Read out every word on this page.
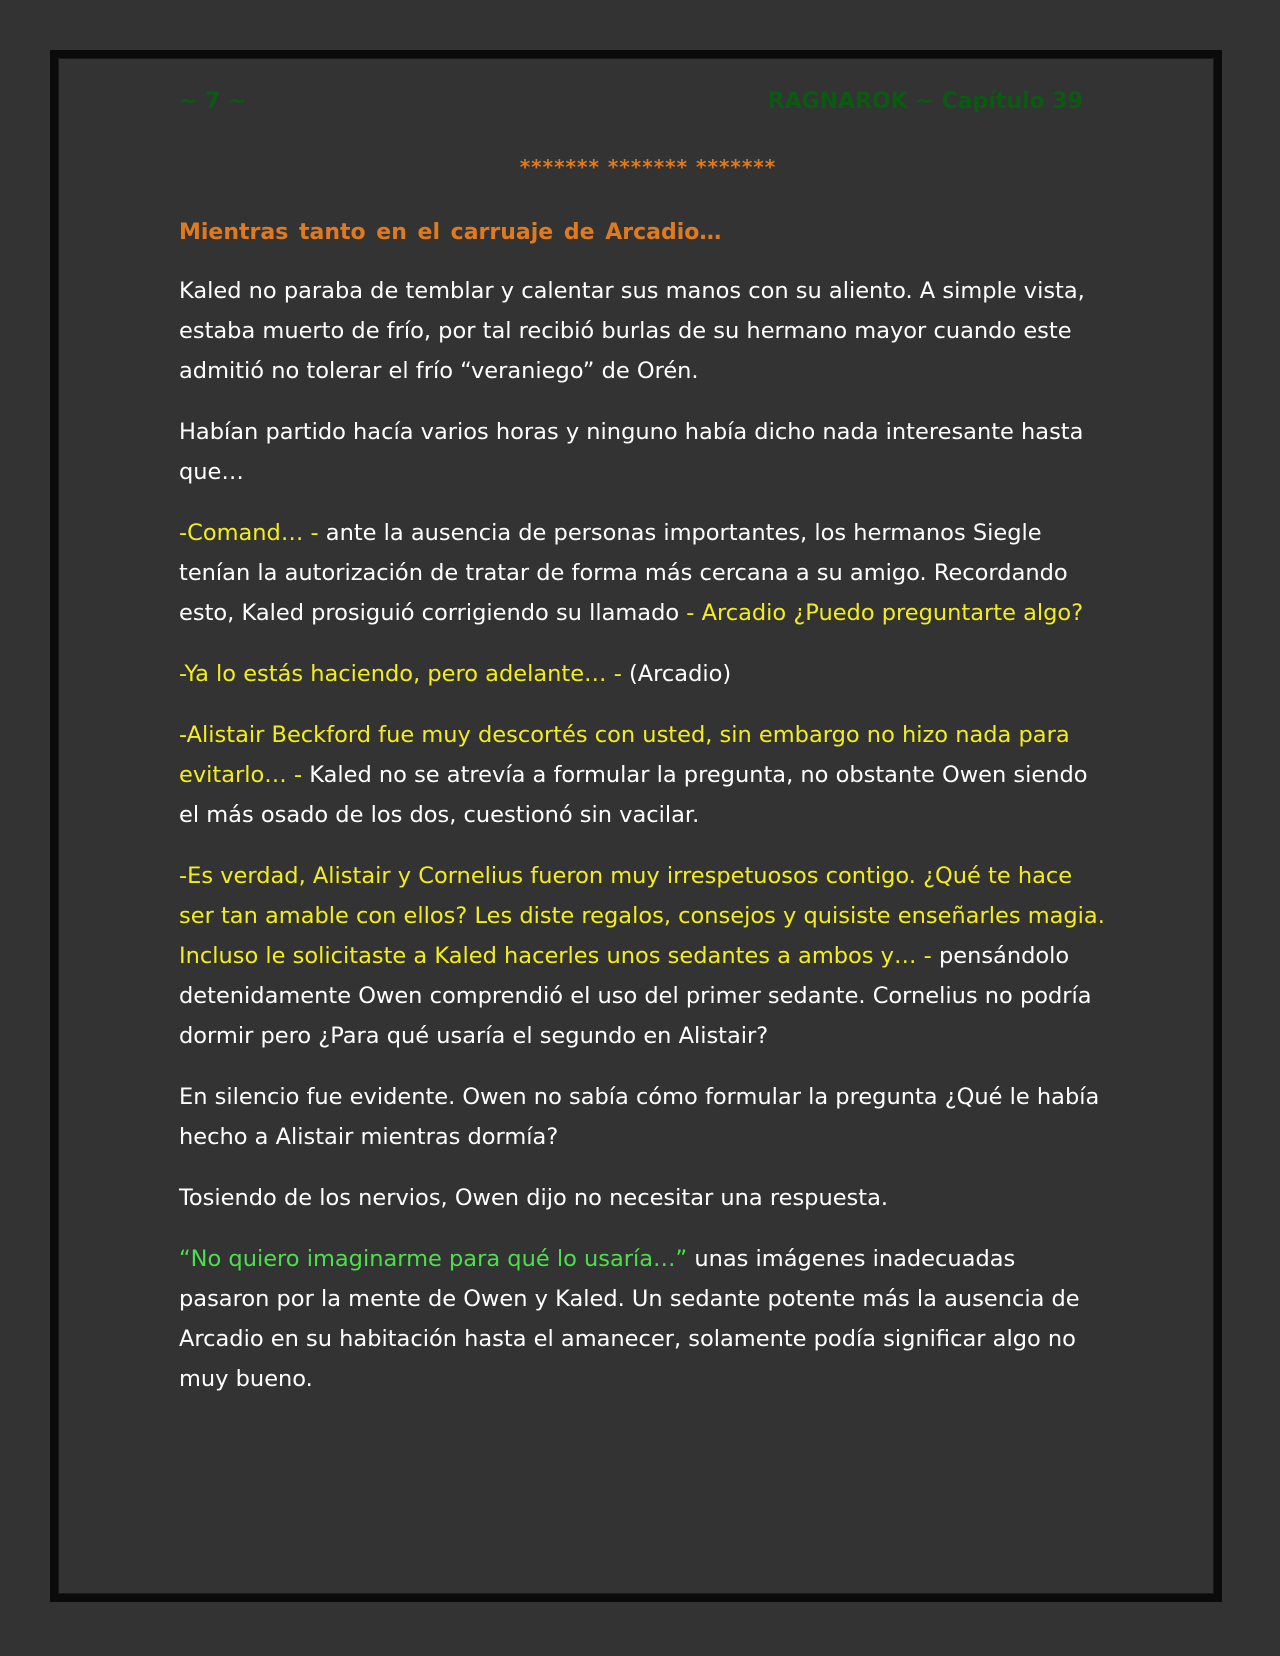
~ 7 ~	RAGNAROK ~ Capítulo 39
******* ******* *******
Mientras tanto en el carruaje de Arcadio…

Kaled no paraba de temblar y calentar sus manos con su aliento. A simple vista, estaba muerto de frío, por tal recibió burlas de su hermano mayor cuando este admitió no tolerar el frío “veraniego” de Orén.

Habían partido hacía varios horas y ninguno había dicho nada interesante hasta que…

-Comand… - ante la ausencia de personas importantes, los hermanos Siegle tenían la autorización de tratar de forma más cercana a su amigo. Recordando esto, Kaled prosiguió corrigiendo su llamado - Arcadio ¿Puedo preguntarte algo?

-Ya lo estás haciendo, pero adelante… - (Arcadio)

-Alistair Beckford fue muy descortés con usted, sin embargo no hizo nada para evitarlo… - Kaled no se atrevía a formular la pregunta, no obstante Owen siendo el más osado de los dos, cuestionó sin vacilar.

-Es verdad, Alistair y Cornelius fueron muy irrespetuosos contigo. ¿Qué te hace ser tan amable con ellos? Les diste regalos, consejos y quisiste enseñarles magia. Incluso le solicitaste a Kaled hacerles unos sedantes a ambos y… - pensándolo detenidamente Owen comprendió el uso del primer sedante. Cornelius no podría dormir pero ¿Para qué usaría el segundo en Alistair?

En silencio fue evidente. Owen no sabía cómo formular la pregunta ¿Qué le había hecho a Alistair mientras dormía?

Tosiendo de los nervios, Owen dijo no necesitar una respuesta.

“No quiero imaginarme para qué lo usaría…” unas imágenes inadecuadas pasaron por la mente de Owen y Kaled. Un sedante potente más la ausencia de Arcadio en su habitación hasta el amanecer, solamente podía significar algo no muy bueno.
